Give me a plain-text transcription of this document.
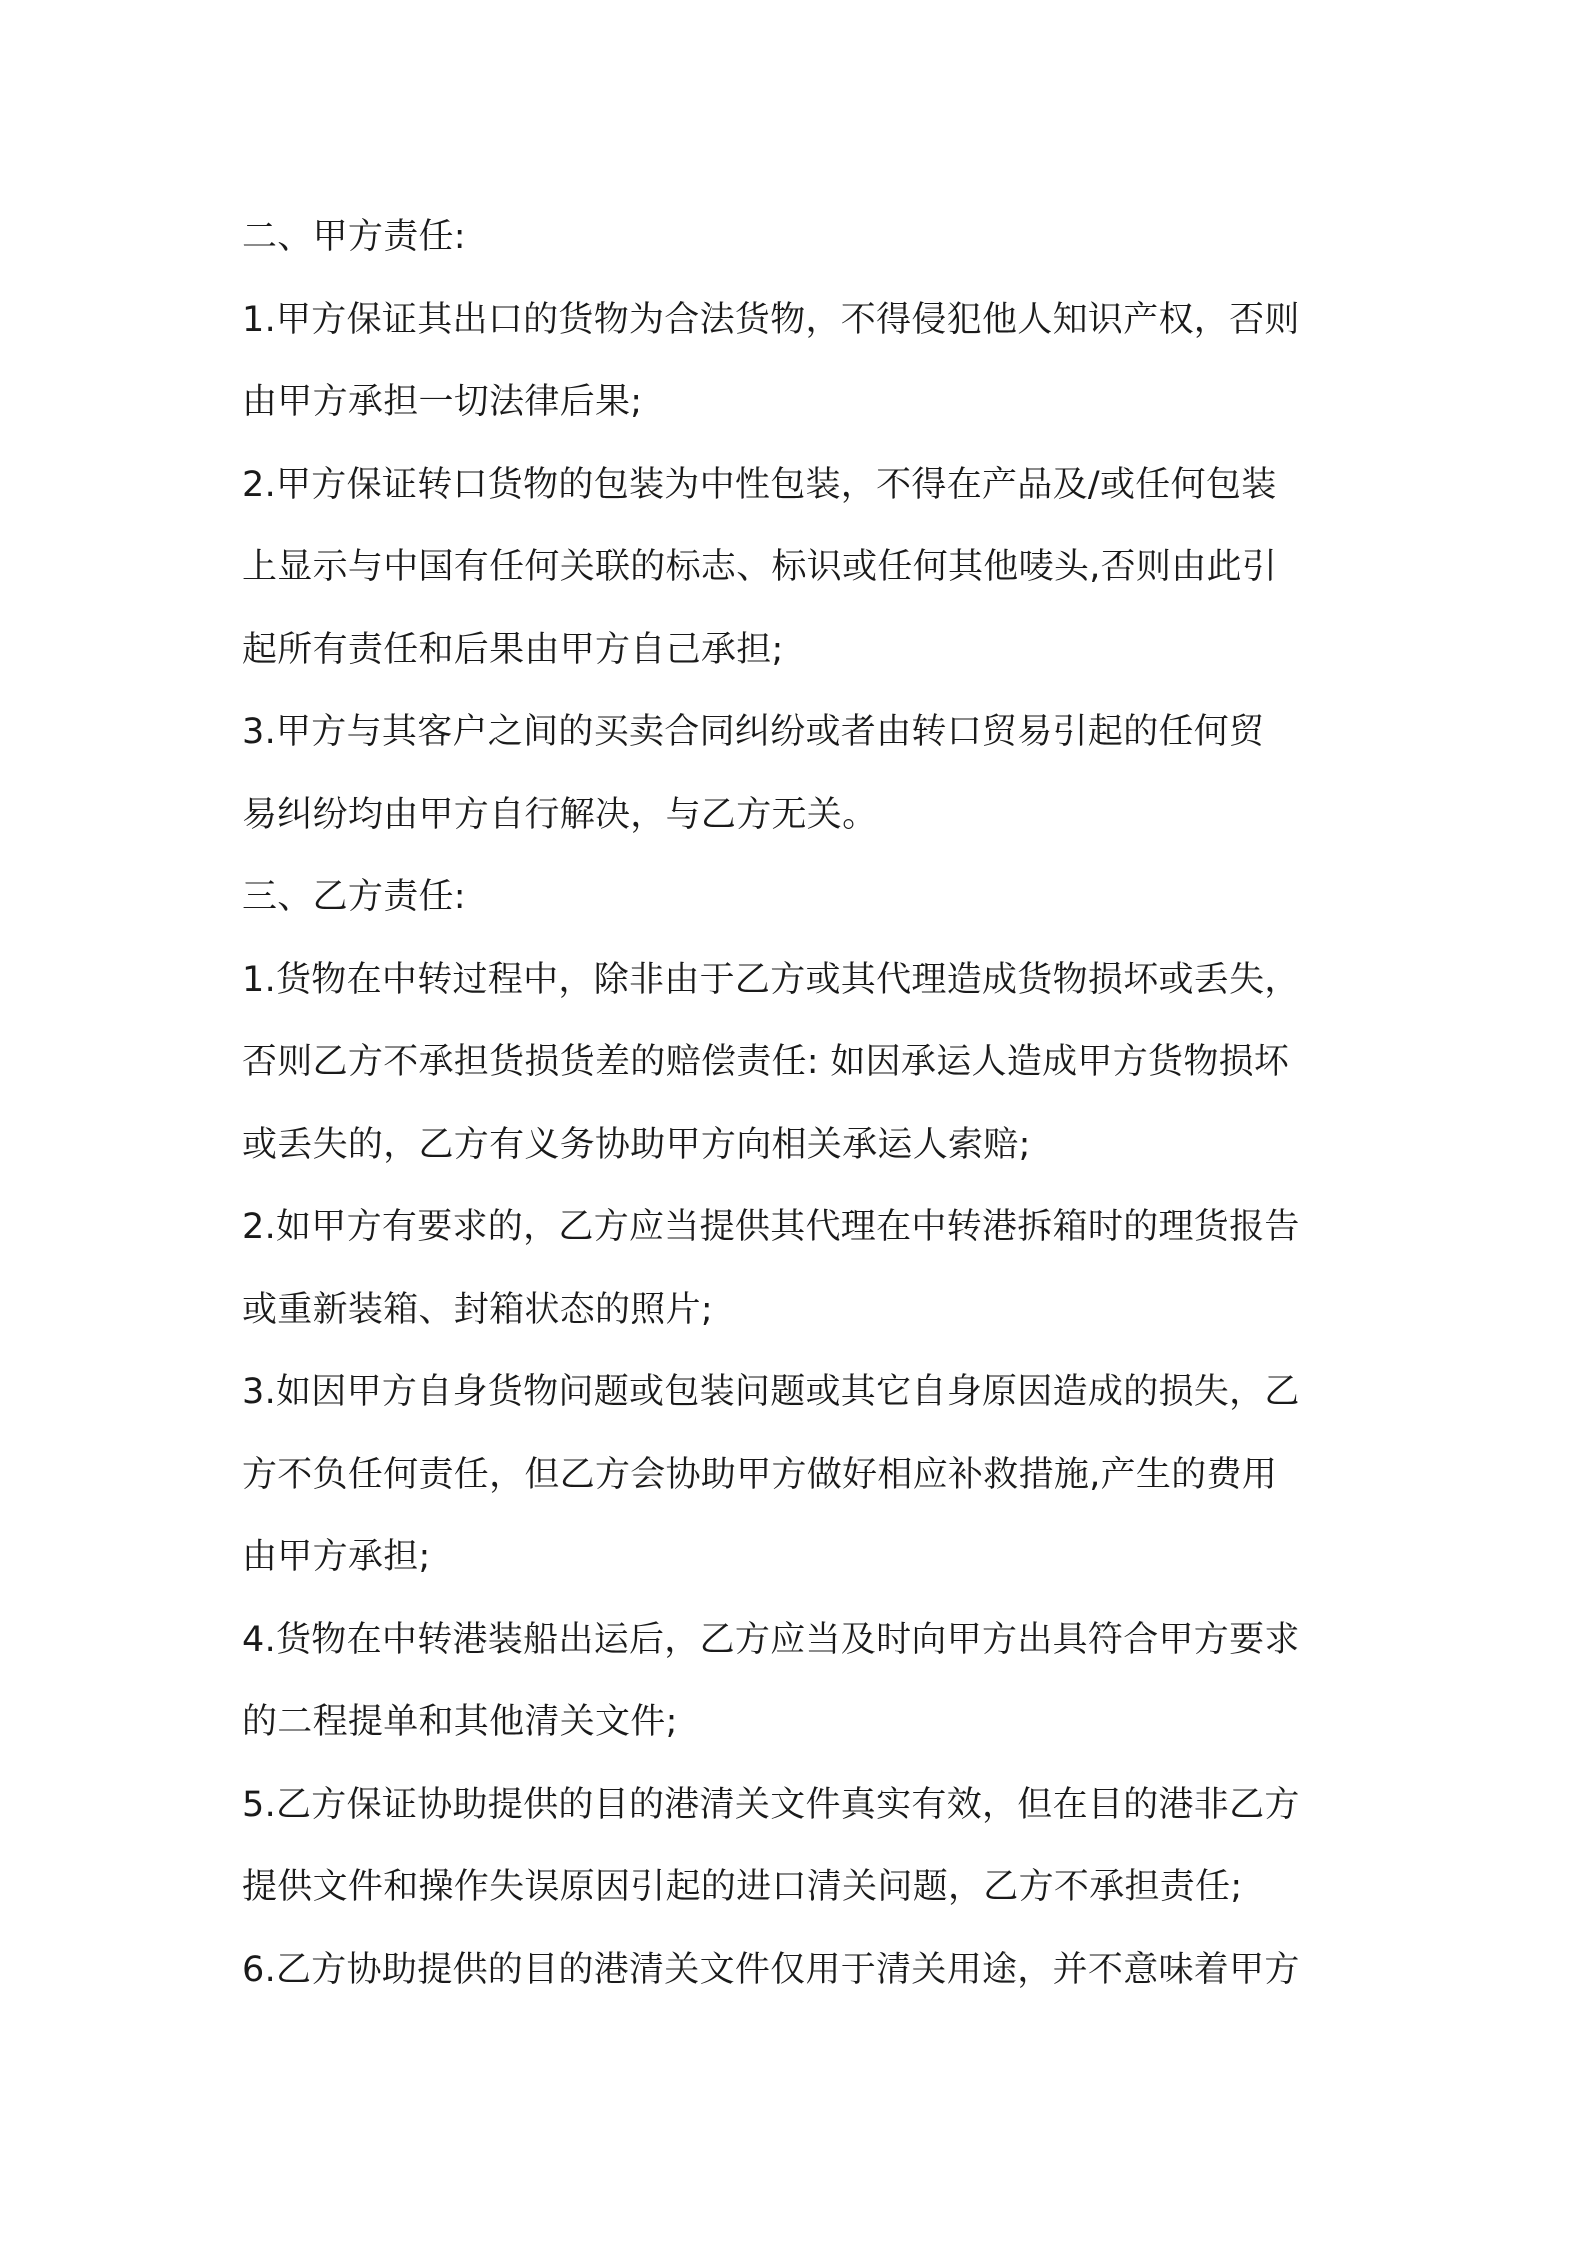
二、甲方责任:
1.甲方保证其出口的货物为合法货物，不得侵犯他人知识产权，否则
由甲方承担一切法律后果;
2.甲方保证转口货物的包装为中性包装，不得在产品及/或任何包装
上显示与中国有任何关联的标志、标识或任何其他唛头,否则由此引
起所有责任和后果由甲方自己承担;
3.甲方与其客户之间的买卖合同纠纷或者由转口贸易引起的任何贸
易纠纷均由甲方自行解决，与乙方无关。
三、乙方责任:
1.货物在中转过程中，除非由于乙方或其代理造成货物损坏或丢失，
否则乙方不承担货损货差的赔偿责任: 如因承运人造成甲方货物损坏
或丢失的，乙方有义务协助甲方向相关承运人索赔;
2.如甲方有要求的，乙方应当提供其代理在中转港拆箱时的理货报告
或重新装箱、封箱状态的照片;
3.如因甲方自身货物问题或包装问题或其它自身原因造成的损失，乙
方不负任何责任，但乙方会协助甲方做好相应补救措施,产生的费用
由甲方承担;
4.货物在中转港装船出运后，乙方应当及时向甲方出具符合甲方要求
的二程提单和其他清关文件;
5.乙方保证协助提供的目的港清关文件真实有效，但在目的港非乙方
提供文件和操作失误原因引起的进口清关问题，乙方不承担责任;
6.乙方协助提供的目的港清关文件仅用于清关用途，并不意味着甲方
